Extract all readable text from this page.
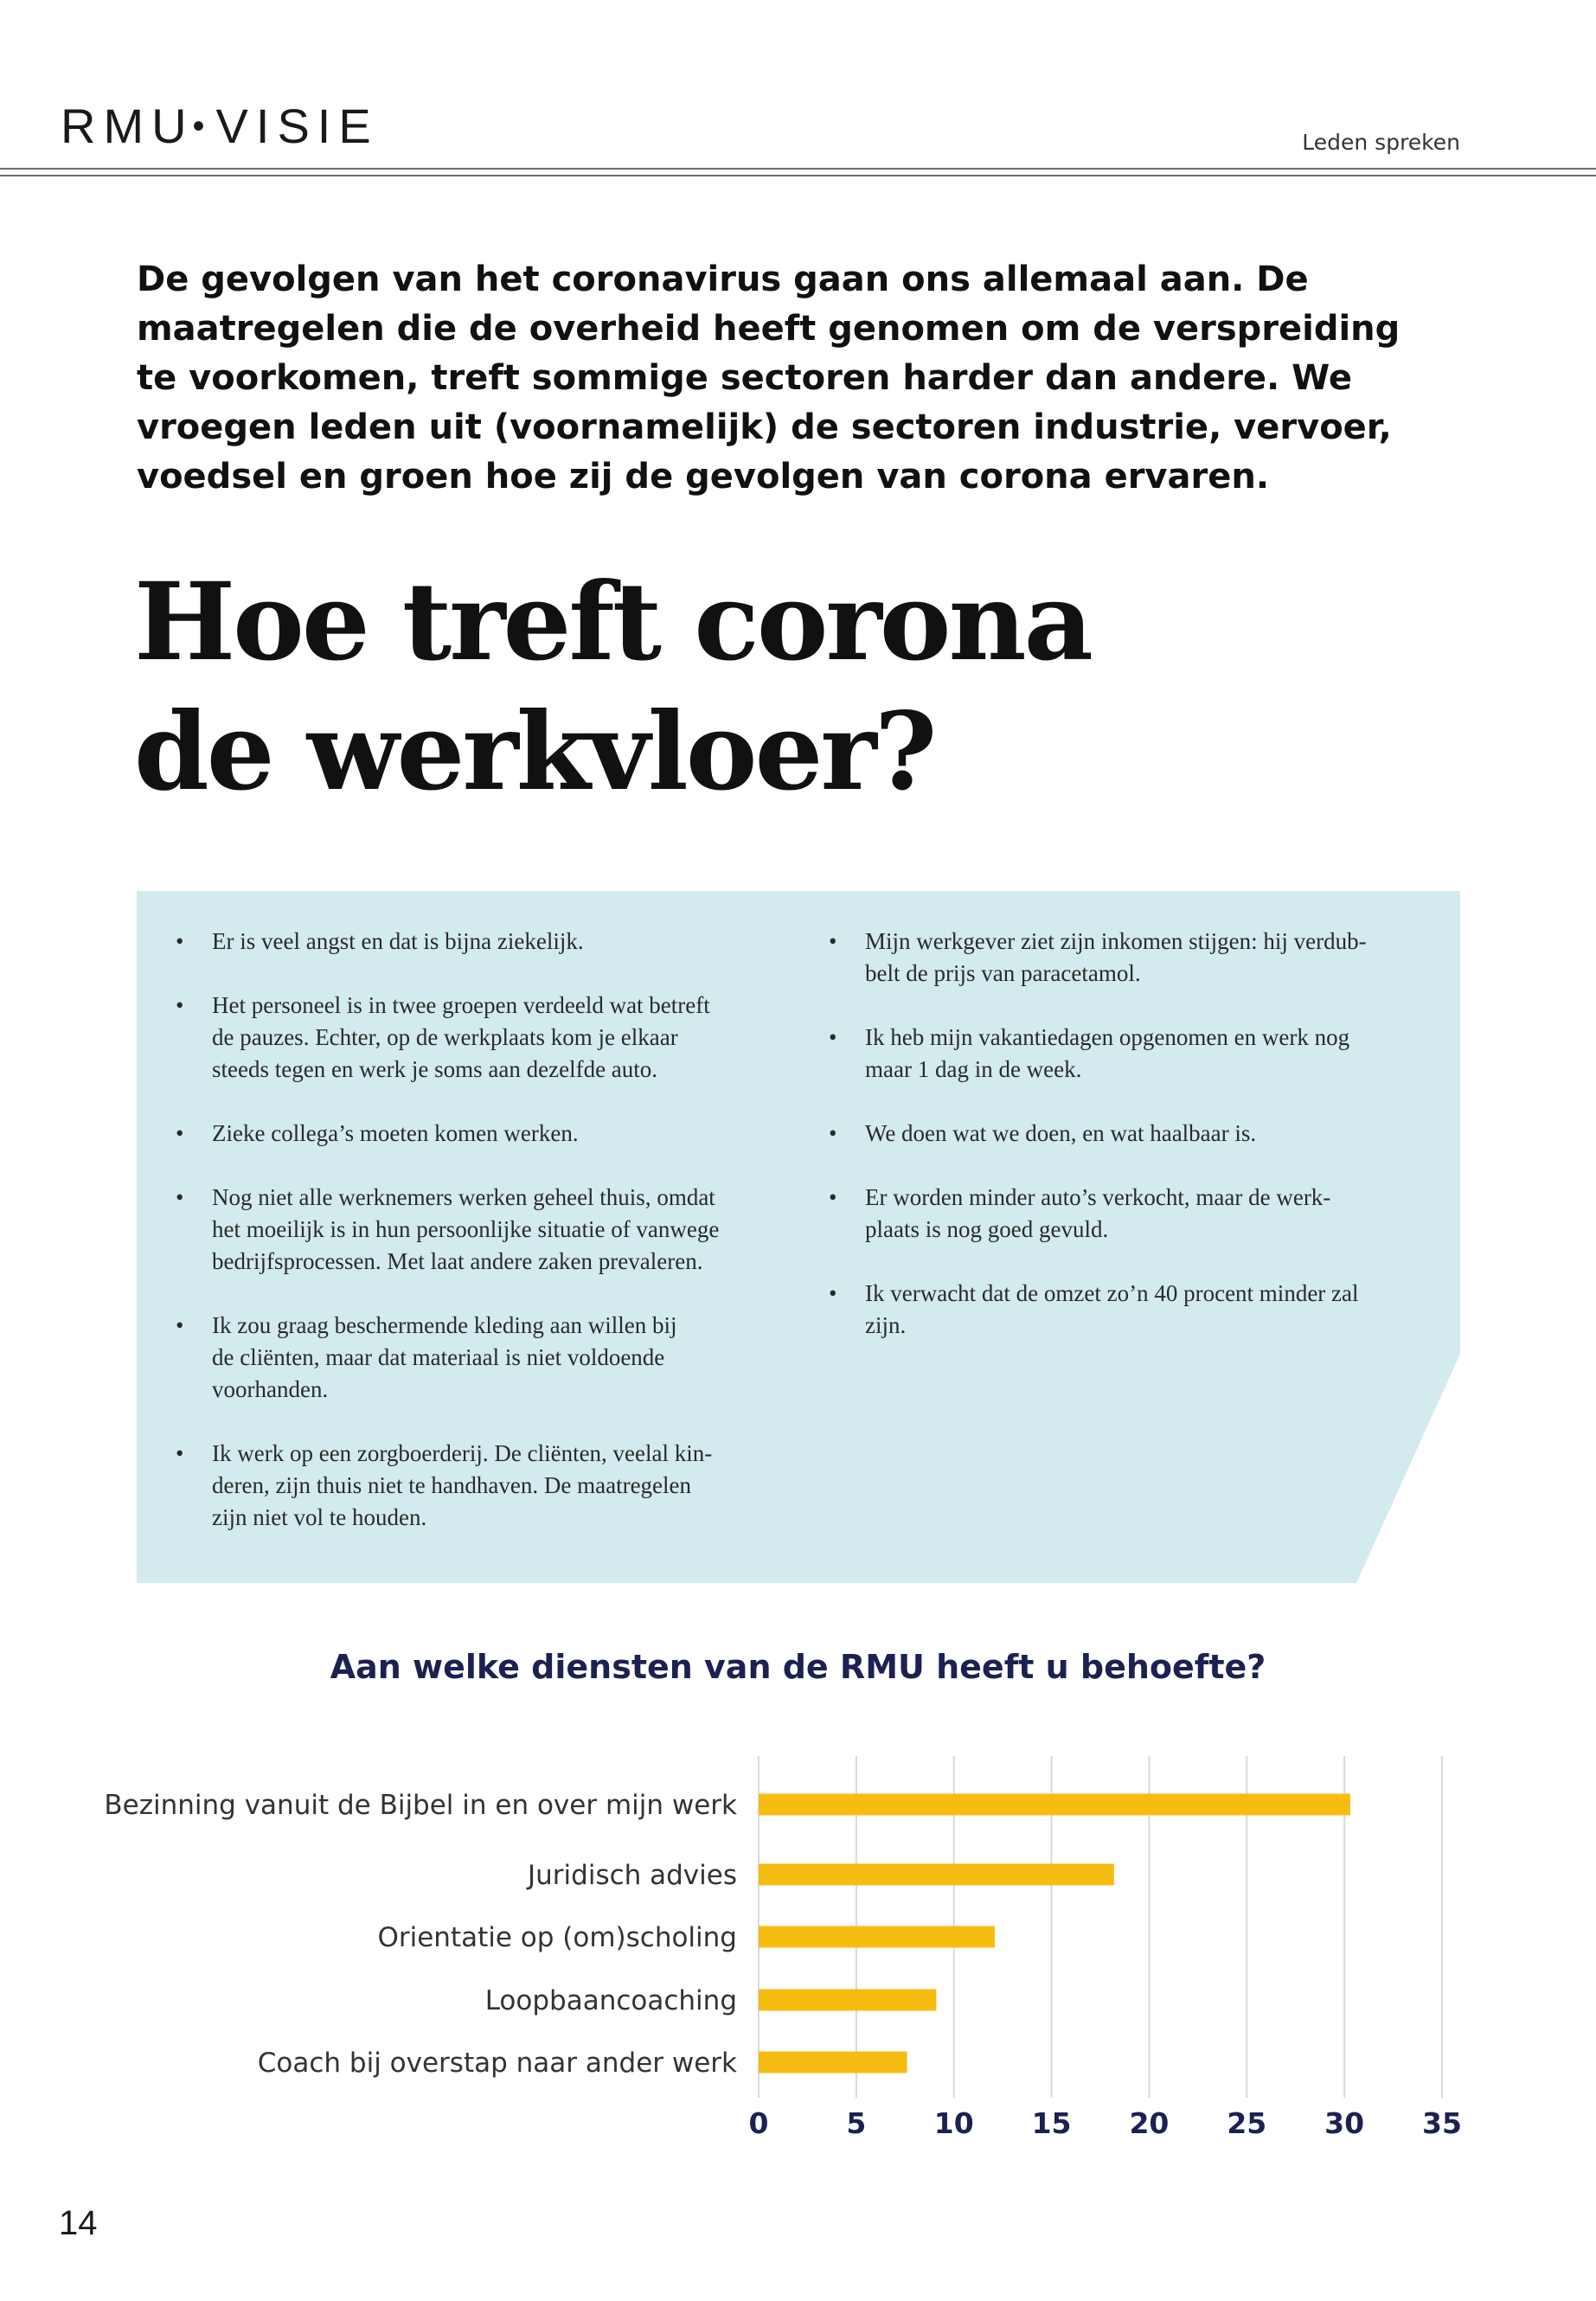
RMU•VISIE	Leden spreken
De gevolgen van het coronavirus gaan ons allemaal aan. De
maatregelen die de overheid heeft genomen om de verspreiding
te voorkomen, treft sommige sectoren harder dan andere. We
vroegen leden uit (voornamelijk) de sectoren industrie, vervoer,
voedsel en groen hoe zij de gevolgen van corona ervaren.
Hoe treft corona
de werkvloer?
• Er is veel angst en dat is bijna ziekelijk.
• Het personeel is in twee groepen verdeeld wat betreft
de pauzes. Echter, op de werkplaats kom je elkaar
steeds tegen en werk je soms aan dezelfde auto.
• Zieke collega’s moeten komen werken.
• Nog niet alle werknemers werken geheel thuis, omdat
het moeilijk is in hun persoonlijke situatie of vanwege
bedrijfsprocessen. Met laat andere zaken prevaleren.
• Ik zou graag beschermende kleding aan willen bij
de cliënten, maar dat materiaal is niet voldoende
voorhanden.
• Ik werk op een zorgboerderij. De cliënten, veelal kin-
deren, zijn thuis niet te handhaven. De maatregelen
zijn niet vol te houden.
• Mijn werkgever ziet zijn inkomen stijgen: hij verdub-
belt de prijs van paracetamol.
• Ik heb mijn vakantiedagen opgenomen en werk nog
maar 1 dag in de week.
• We doen wat we doen, en wat haalbaar is.
• Er worden minder auto’s verkocht, maar de werk-
plaats is nog goed gevuld.
• Ik verwacht dat de omzet zo’n 40 procent minder zal
zijn.
Aan welke diensten van de RMU heeft u behoefte?
0	5 10 15 20 25 30 35
Bezinning vanuit de Bijbel in en over mijn werk
Juridisch advies
Orientatie op (om)scholing
Loopbaancoaching
Coach bij overstap naar ander werk
14
